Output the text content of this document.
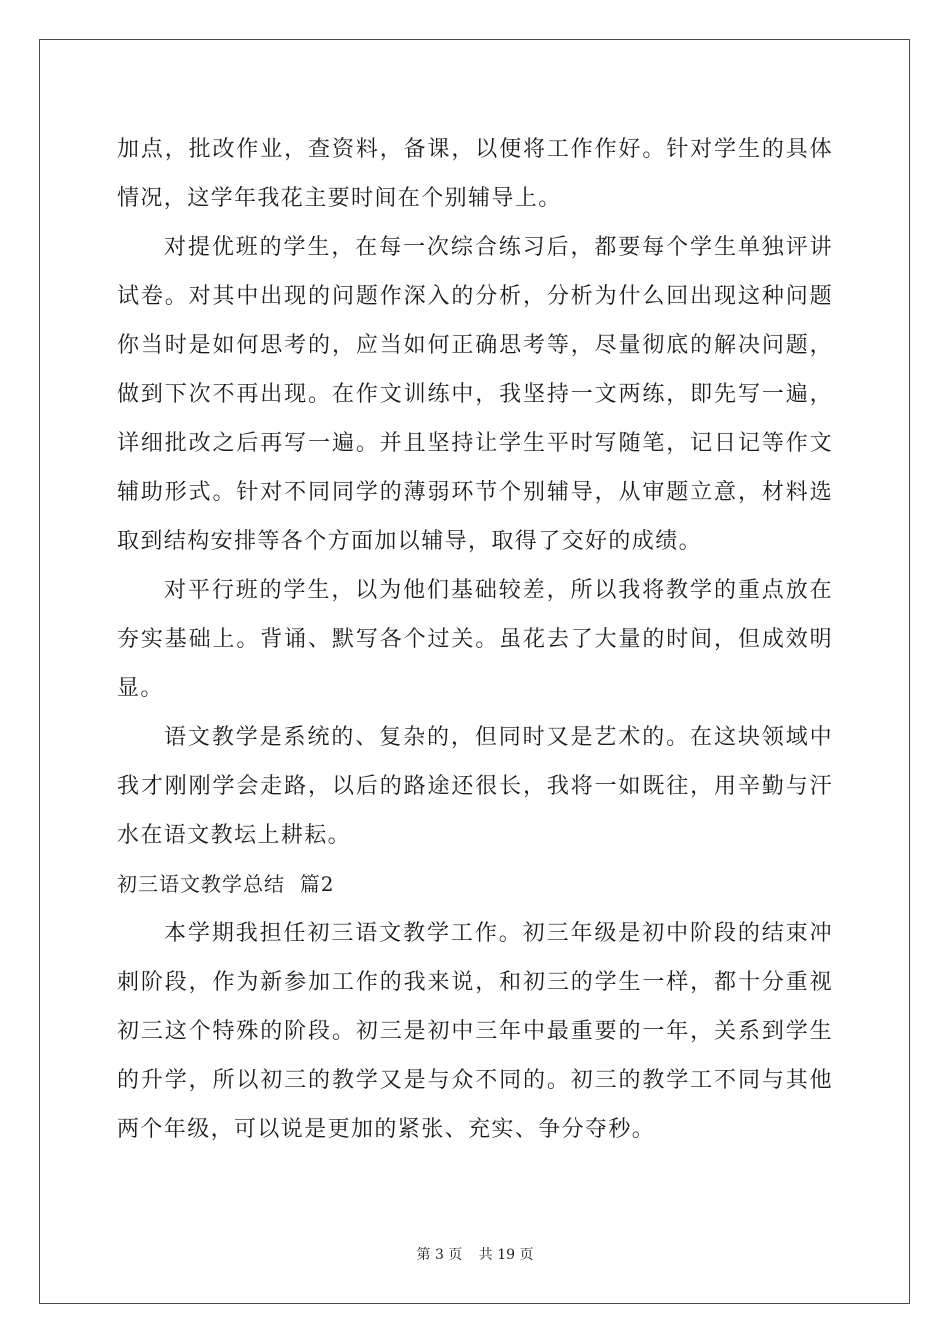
加点，批改作业，查资料，备课，以便将工作作好。针对学生的具体情况，这学年我花主要时间在个别辅导上。

对提优班的学生，在每一次综合练习后，都要每个学生单独评讲试卷。对其中出现的问题作深入的分析，分析为什么回出现这种问题你当时是如何思考的，应当如何正确思考等，尽量彻底的解决问题，做到下次不再出现。在作文训练中，我坚持一文两练，即先写一遍，详细批改之后再写一遍。并且坚持让学生平时写随笔，记日记等作文辅助形式。针对不同同学的薄弱环节个别辅导，从审题立意，材料选取到结构安排等各个方面加以辅导，取得了交好的成绩。

对平行班的学生，以为他们基础较差，所以我将教学的重点放在夯实基础上。背诵、默写各个过关。虽花去了大量的时间，但成效明显。

语文教学是系统的、复杂的，但同时又是艺术的。在这块领域中我才刚刚学会走路，以后的路途还很长，我将一如既往，用辛勤与汗水在语文教坛上耕耘。

初三语文教学总结  篇2

本学期我担任初三语文教学工作。初三年级是初中阶段的结束冲刺阶段，作为新参加工作的我来说，和初三的学生一样，都十分重视初三这个特殊的阶段。初三是初中三年中最重要的一年，关系到学生的升学，所以初三的教学又是与众不同的。初三的教学工不同与其他两个年级，可以说是更加的紧张、充实、争分夺秒。

第 3 页 共 19 页
